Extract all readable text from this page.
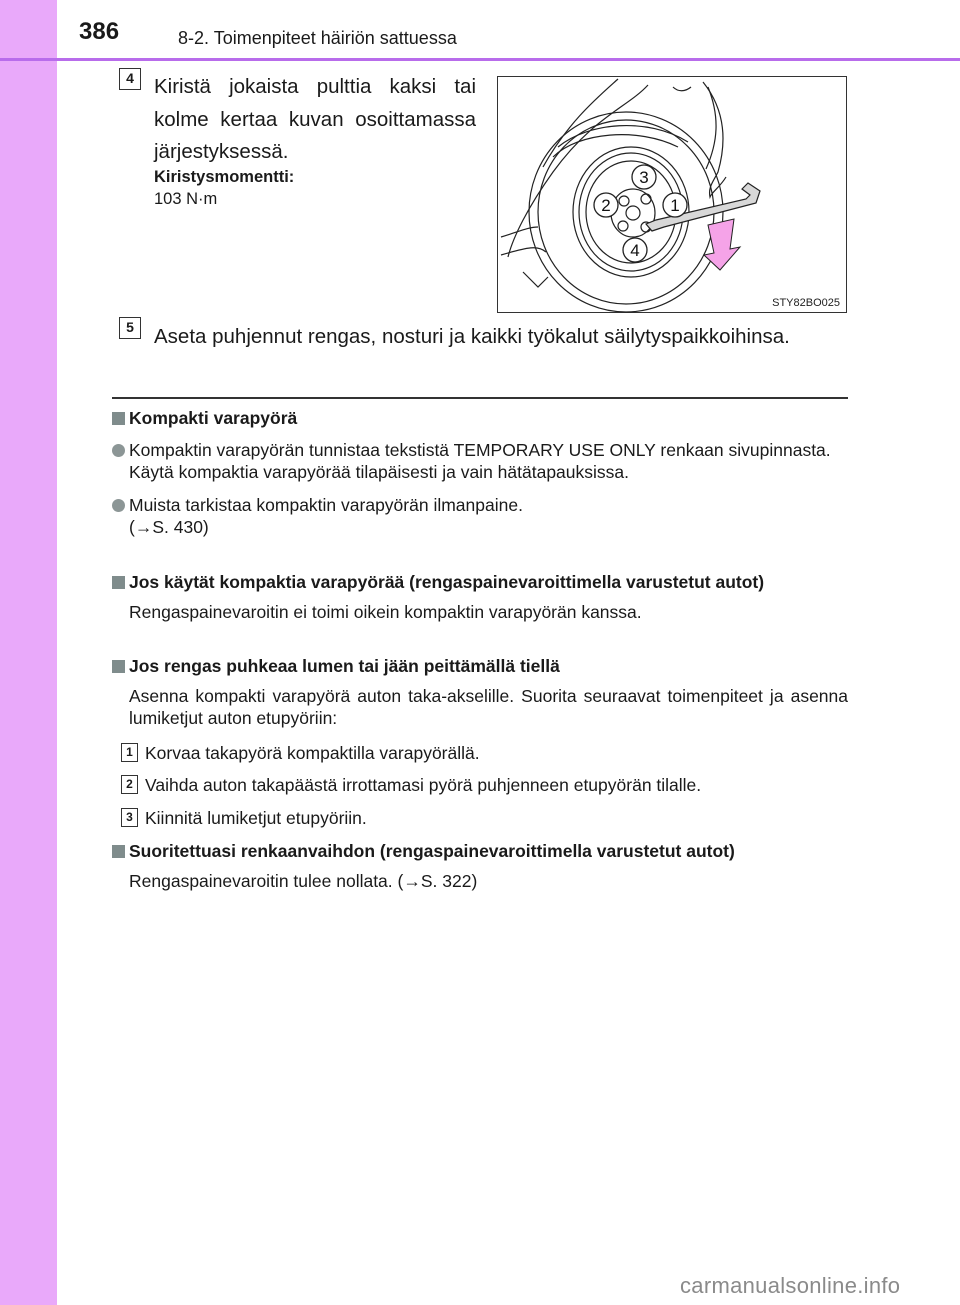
386	8-2. Toimenpiteet häiriön sattuessa
4 Kiristä jokaista pulttia kaksi tai kolme kertaa kuvan osoittamassa järjestyksessä.
Kiristysmomentti:
103 N·m
3
2	1
4
STY82BO025
5 Aseta puhjennut rengas, nosturi ja kaikki työkalut säilytyspaikkoihinsa.
Kompakti varapyörä
Kompaktin varapyörän tunnistaa tekstistä TEMPORARY USE ONLY renkaan sivupinnasta.
Käytä kompaktia varapyörää tilapäisesti ja vain hätätapauksissa.
Muista tarkistaa kompaktin varapyörän ilmanpaine.
(→S. 430)
Jos käytät kompaktia varapyörää (rengaspainevaroittimella varustetut autot)
Rengaspainevaroitin ei toimi oikein kompaktin varapyörän kanssa.
Jos rengas puhkeaa lumen tai jään peittämällä tiellä
Asenna kompakti varapyörä auton taka-akselille. Suorita seuraavat toimenpiteet ja asenna lumiketjut auton etupyöriin:
1 Korvaa takapyörä kompaktilla varapyörällä.
2 Vaihda auton takapäästä irrottamasi pyörä puhjenneen etupyörän tilalle.
3 Kiinnitä lumiketjut etupyöriin.
Suoritettuasi renkaanvaihdon (rengaspainevaroittimella varustetut autot)
Rengaspainevaroitin tulee nollata. (→S. 322)
carmanualsonline.info
